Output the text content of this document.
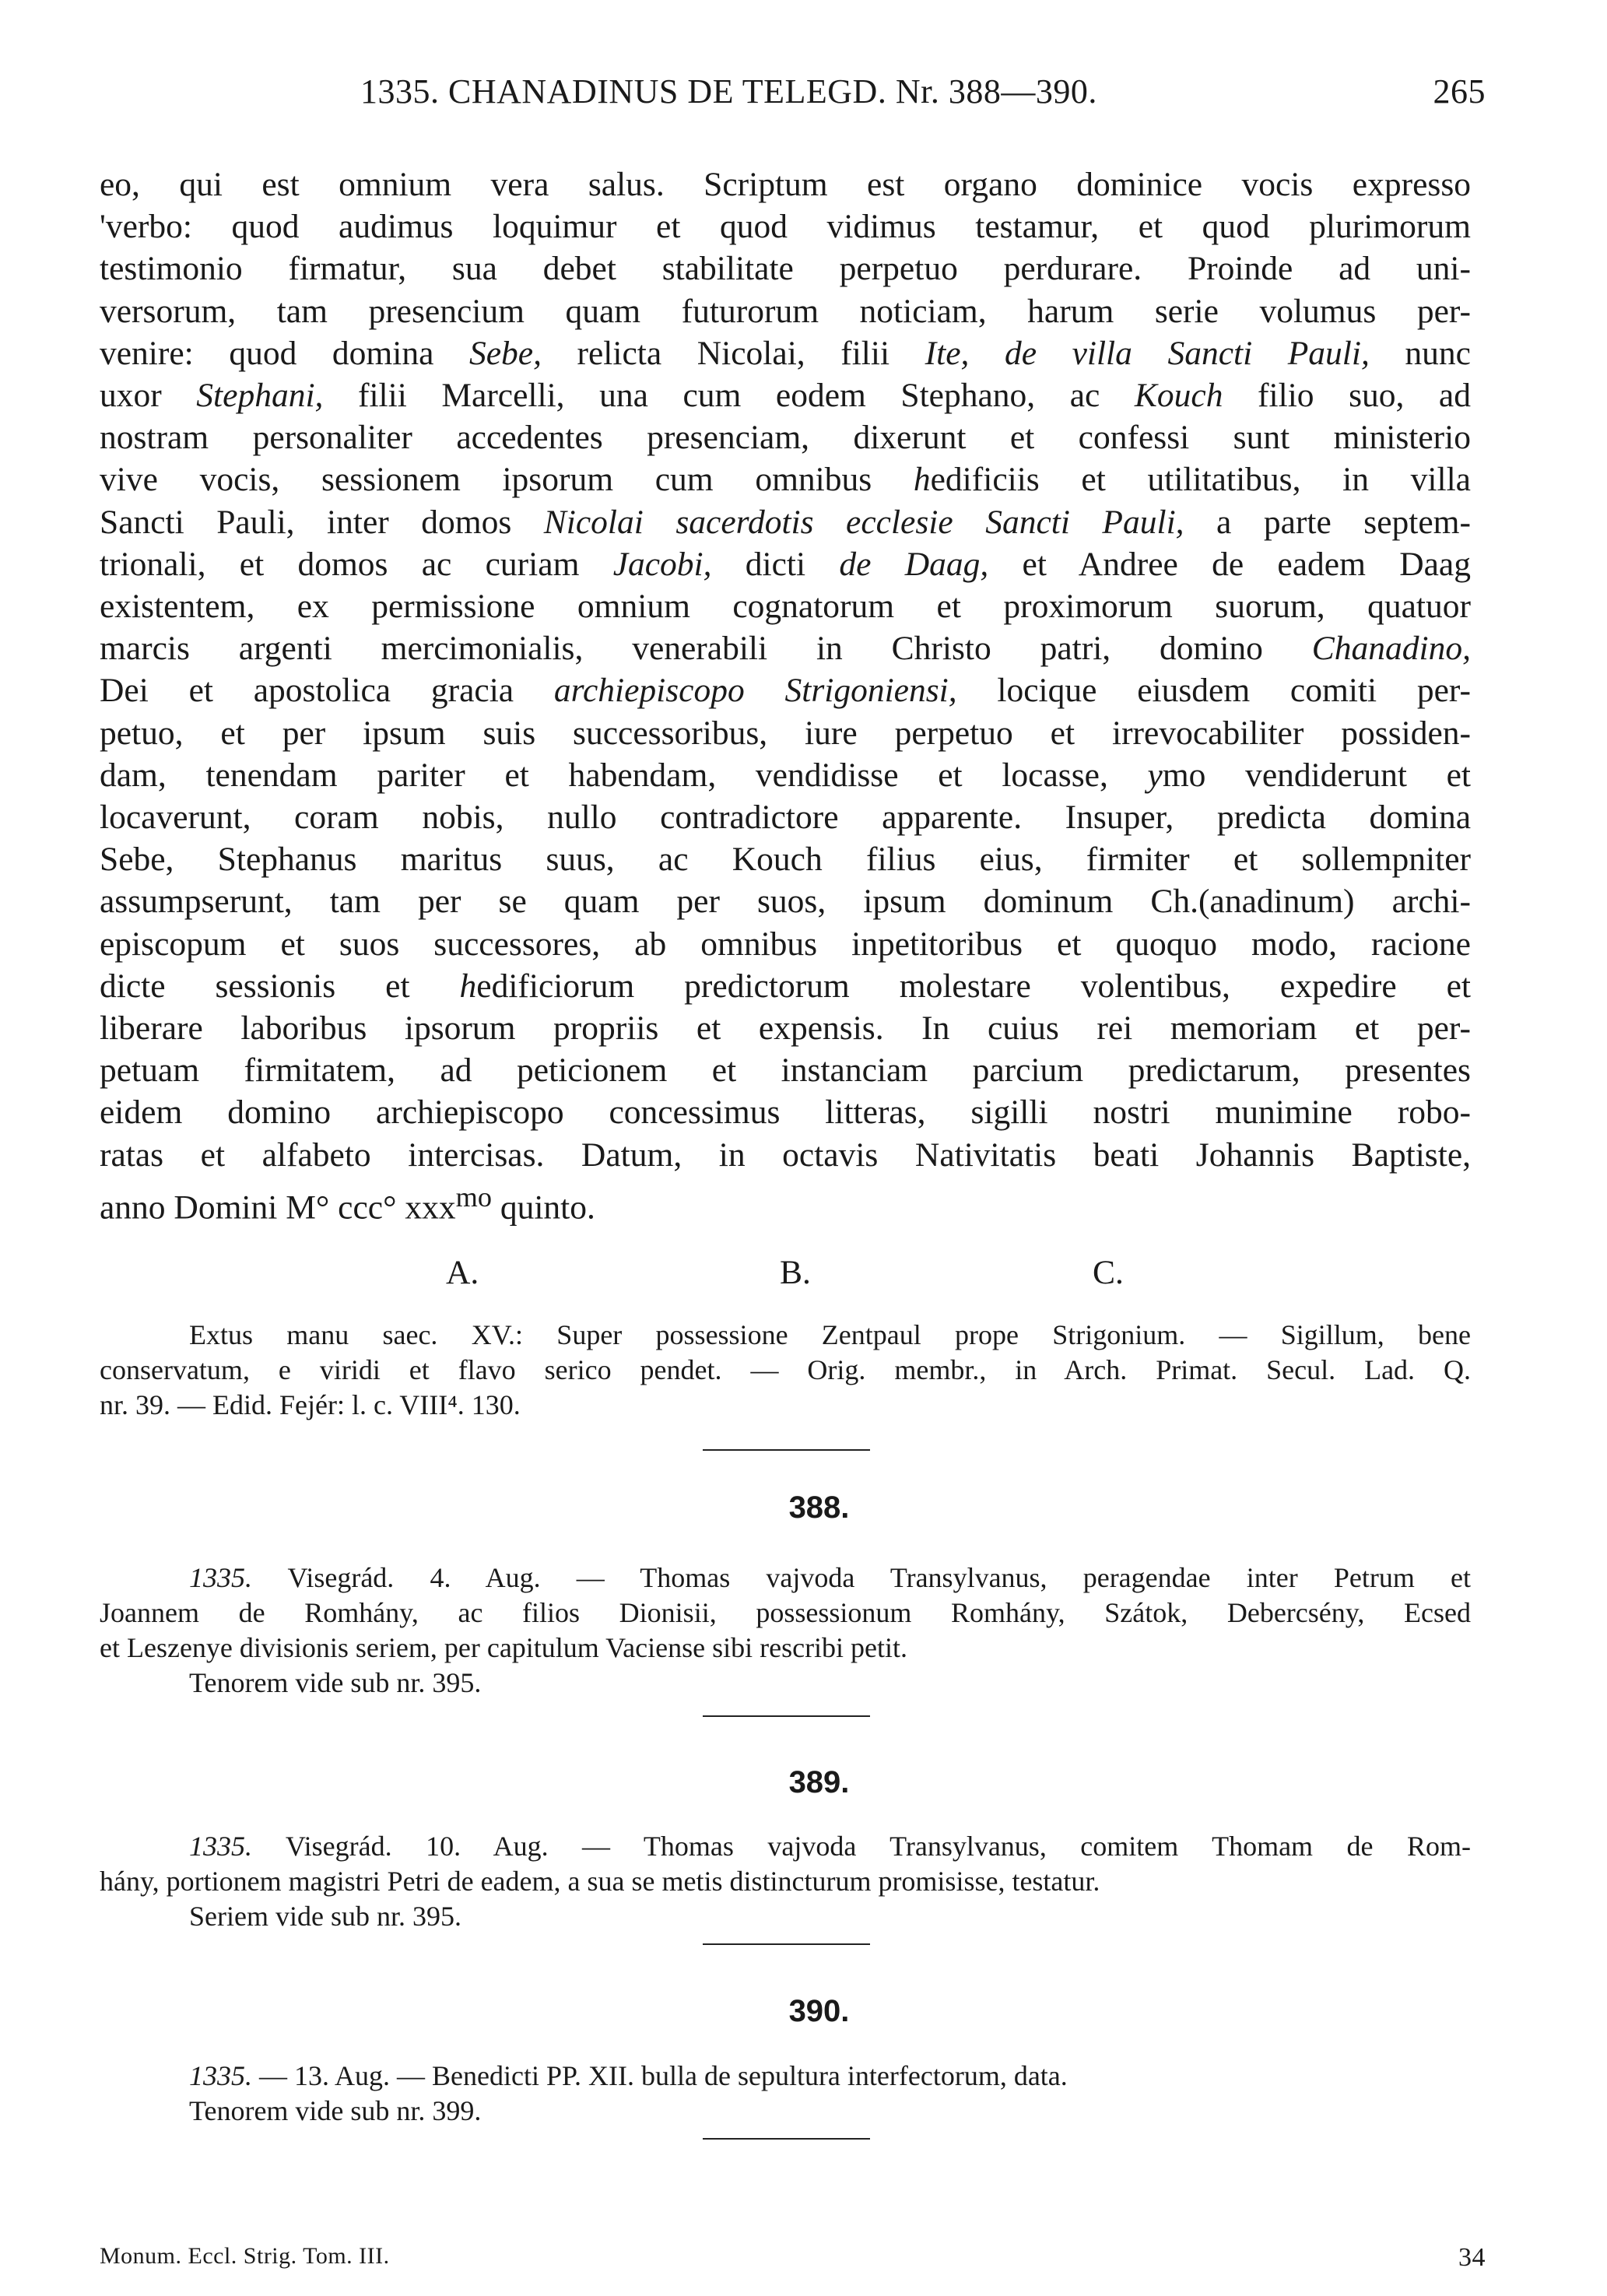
1335. CHANADINUS DE TELEGD. Nr. 388—390.	265
eo, qui est omnium vera salus. Scriptum est organo dominice vocis expresso
'verbo: quod audimus loquimur et quod vidimus testamur, et quod plurimorum
testimonio firmatur, sua debet stabilitate perpetuo perdurare. Proinde ad uni-
versorum, tam presencium quam futurorum noticiam, harum serie volumus per-
venire: quod domina Sebe, relicta Nicolai, filii Ite, de villa Sancti Pauli, nunc
uxor Stephani, filii Marcelli, una cum eodem Stephano, ac Kouch filio suo, ad
nostram personaliter accedentes presenciam, dixerunt et confessi sunt ministerio
vive vocis, sessionem ipsorum cum omnibus hedificiis et utilitatibus, in villa
Sancti Pauli, inter domos Nicolai sacerdotis ecclesie Sancti Pauli, a parte septem-
trionali, et domos ac curiam Jacobi, dicti de Daag, et Andree de eadem Daag
existentem, ex permissione omnium cognatorum et proximorum suorum, quatuor
marcis argenti mercimonialis, venerabili in Christo patri, domino Chanadino,
Dei et apostolica gracia archiepiscopo Strigoniensi, locique eiusdem comiti per-
petuo, et per ipsum suis successoribus, iure perpetuo et irrevocabiliter possiden-
dam, tenendam pariter et habendam, vendidisse et locasse, ymo vendiderunt et
locaverunt, coram nobis, nullo contradictore apparente. Insuper, predicta domina
Sebe, Stephanus maritus suus, ac Kouch filius eius, firmiter et sollempniter
assumpserunt, tam per se quam per suos, ipsum dominum Ch.(anadinum) archi-
episcopum et suos successores, ab omnibus inpetitoribus et quoquo modo, racione
dicte sessionis et hedificiorum predictorum molestare volentibus, expedire et
liberare laboribus ipsorum propriis et expensis. In cuius rei memoriam et per-
petuam firmitatem, ad peticionem et instanciam parcium predictarum, presentes
eidem domino archiepiscopo concessimus litteras, sigilli nostri munimine robo-
ratas et alfabeto intercisas. Datum, in octavis Nativitatis beati Johannis Baptiste,
anno Domini M° ccc° xxx$^{mo}$ quinto.
A.	B.	C.
Extus manu saec. XV.: Super possessione Zentpaul prope Strigonium. — Sigillum, bene
conservatum, e viridi et flavo serico pendet. — Orig. membr., in Arch. Primat. Secul. Lad. Q.
nr. 39. — Edid. Fejér: l. c. VIII⁴. 130.
388.
1335. Visegrád. 4. Aug. — Thomas vajvoda Transylvanus, peragendae inter Petrum et
Joannem de Romhány, ac filios Dionisii, possessionum Romhány, Szátok, Debercsény, Ecsed
et Leszenye divisionis seriem, per capitulum Vaciense sibi rescribi petit.
Tenorem vide sub nr. 395.
389.
1335. Visegrád. 10. Aug. — Thomas vajvoda Transylvanus, comitem Thomam de Rom-
hány, portionem magistri Petri de eadem, a sua se metis distincturum promisisse, testatur.
Seriem vide sub nr. 395.
390.
1335. — 13. Aug. — Benedicti PP. XII. bulla de sepultura interfectorum, data.
Tenorem vide sub nr. 399.
Monum. Eccl. Strig. Tom. III.	34
